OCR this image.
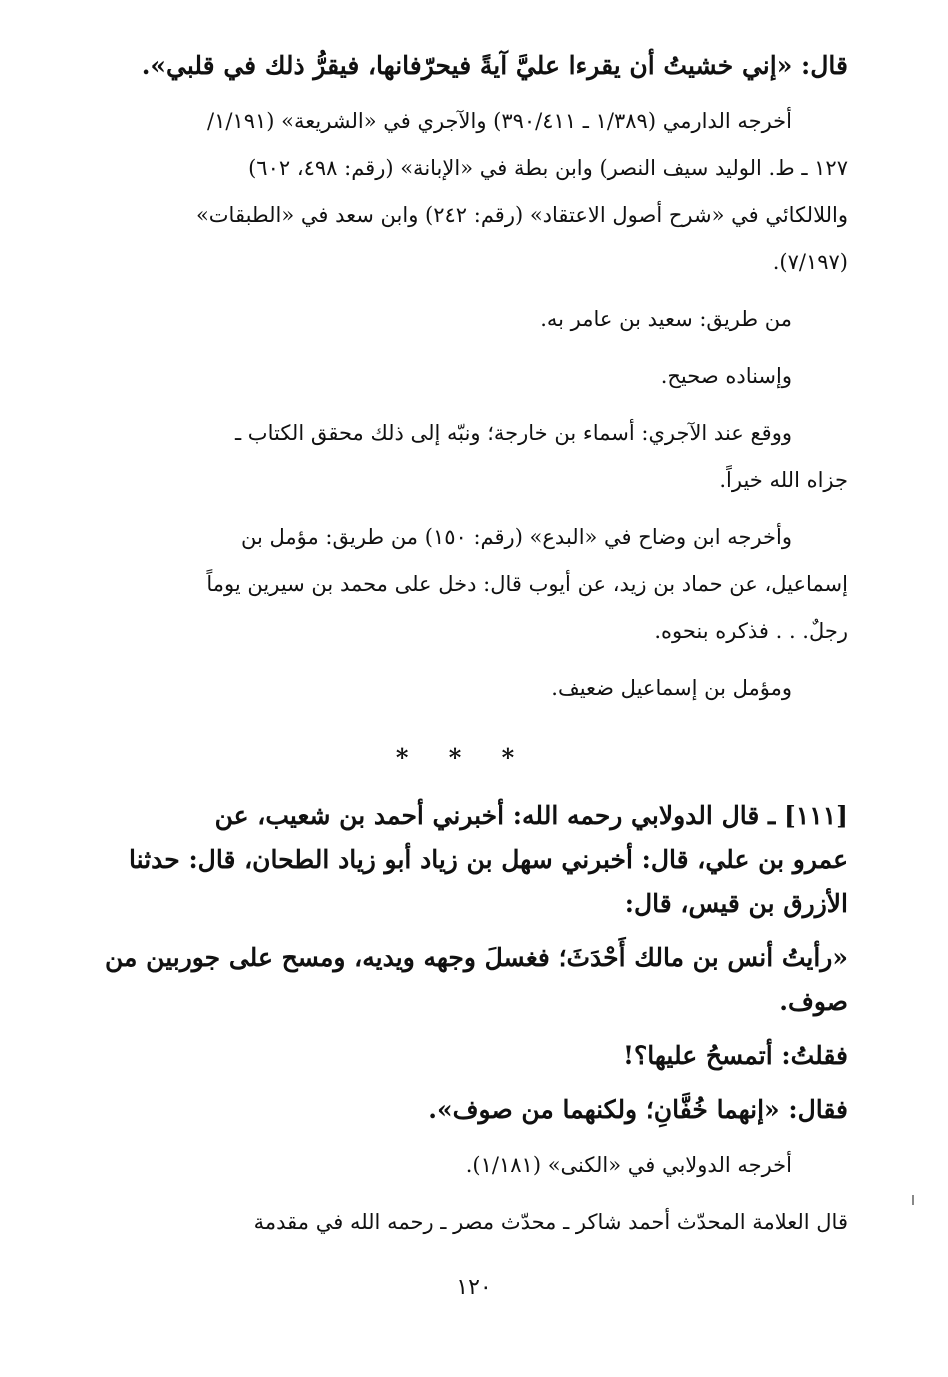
قال: «إني خشيتُ أن يقرءا عليَّ آيةً فيحرّفانها، فيقرُّ ذلك في قلبي».
أخرجه الدارمي (١/٣٨٩ ـ ٣٩٠/٤١١) والآجري في «الشريعة» (١/١٩١/
١٢٧ ـ ط. الوليد سيف النصر) وابن بطة في «الإبانة» (رقم: ٤٩٨، ٦٠٢)
واللالكائي في «شرح أصول الاعتقاد» (رقم: ٢٤٢) وابن سعد في «الطبقات»
(٧/١٩٧).
من طريق: سعيد بن عامر به.
وإسناده صحيح.
ووقع عند الآجري: أسماء بن خارجة؛ ونبّه إلى ذلك محقق الكتاب ـ
جزاه الله خيراً.
وأخرجه ابن وضاح في «البدع» (رقم: ١٥٠) من طريق: مؤمل بن
إسماعيل، عن حماد بن زيد، عن أيوب قال: دخل على محمد بن سيرين يوماً
رجلٌ. . . فذكره بنحوه.
ومؤمل بن إسماعيل ضعيف.
* * *
[١١١] ـ قال الدولابي رحمه الله: أخبرني أحمد بن شعيب، عن
عمرو بن علي، قال: أخبرني سهل بن زياد أبو زياد الطحان، قال: حدثنا
الأزرق بن قيس، قال:
«رأيتُ أنس بن مالك أَحْدَثَ؛ فغسلَ وجهه ويديه، ومسح على جوربين من
صوف.
فقلتُ: أتمسحُ عليها؟!
فقال: «إنهما خُفَّانِ؛ ولكنهما من صوف».
أخرجه الدولابي في «الكنى» (١/١٨١).
قال العلامة المحدّث أحمد شاكر ـ محدّث مصر ـ رحمه الله في مقدمة
١٢٠
